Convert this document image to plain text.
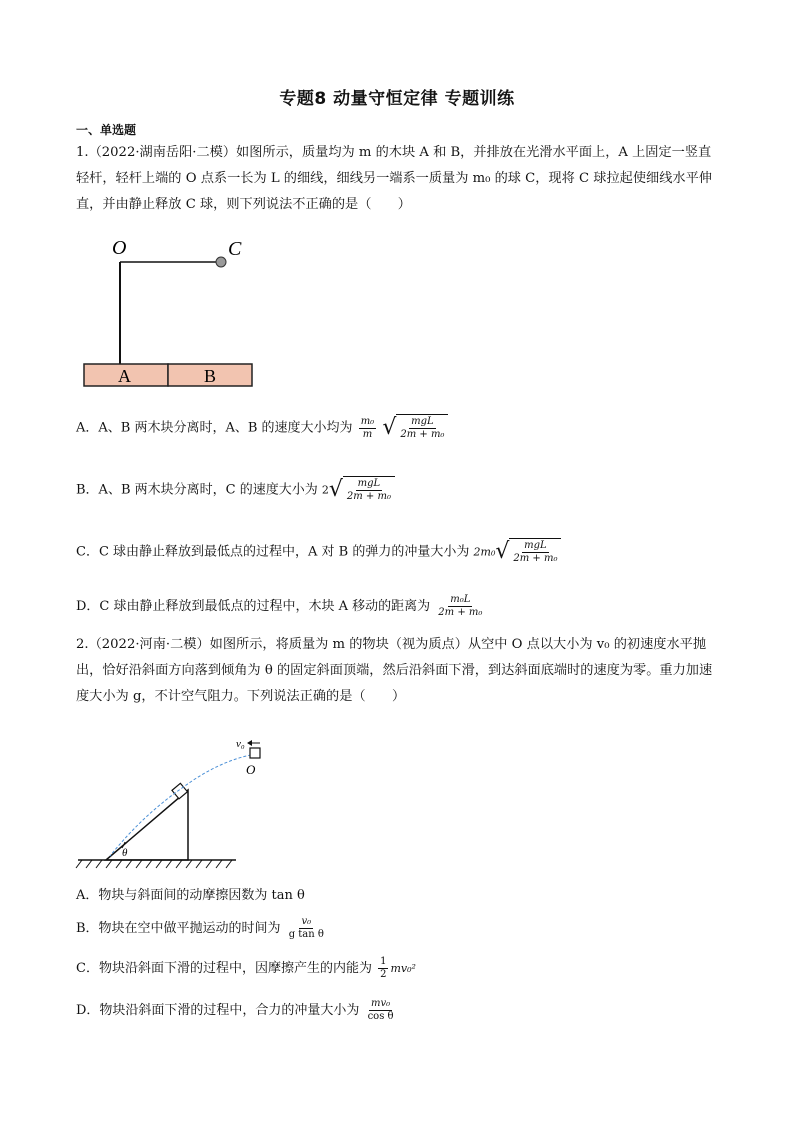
专题8 动量守恒定律 专题训练
一、单选题
1.（2022·湖南岳阳·二模）如图所示，质量均为 m 的木块 A 和 B，并排放在光滑水平面上，A 上固定一竖直轻杆，轻杆上端的 O 点系一长为 L 的细线，细线另一端系一质量为 m₀ 的球 C，现将 C 球拉起使细线水平伸直，并由静止释放 C 球，则下列说法不正确的是（　　）
O	C
A	B
A．A、B 两木块分离时，A、B 的速度大小均为 $\frac{\text{m₀}}{m}$
√ $\frac{\text{mgL}}{\text{2m + m₀}}$
B．A、B 两木块分离时，C 的速度大小为 2 √ $\frac{\text{mgL}}{\text{2m + m₀}}$
C．C 球由静止释放到最低点的过程中，A 对 B 的弹力的冲量大小为 2m₀ √ $\frac{\text{mgL}}{\text{2m + m₀}}$
D．C 球由静止释放到最低点的过程中，木块 A 移动的距离为 $\frac{\text{m₀L}}{\text{2m + m₀}}$
2.（2022·河南·二模）如图所示，将质量为 m 的物块（视为质点）从空中 O 点以大小为 v₀ 的初速度水平抛出，恰好沿斜面方向落到倾角为 θ 的固定斜面顶端，然后沿斜面下滑，到达斜面底端时的速度为零。重力加速度大小为 g，不计空气阻力。下列说法正确的是（　　）
θ
v₀
O
A．物块与斜面间的动摩擦因数为 tan θ
B．物块在空中做平抛运动的时间为 $\frac{\text{v₀}}{\text{g tan θ}}$
C．物块沿斜面下滑的过程中，因摩擦产生的内能为 $\frac{1}{2} mv_0^2$
D．物块沿斜面下滑的过程中，合力的冲量大小为 $\frac{\text{mv₀}}{\text{cos θ}}$
